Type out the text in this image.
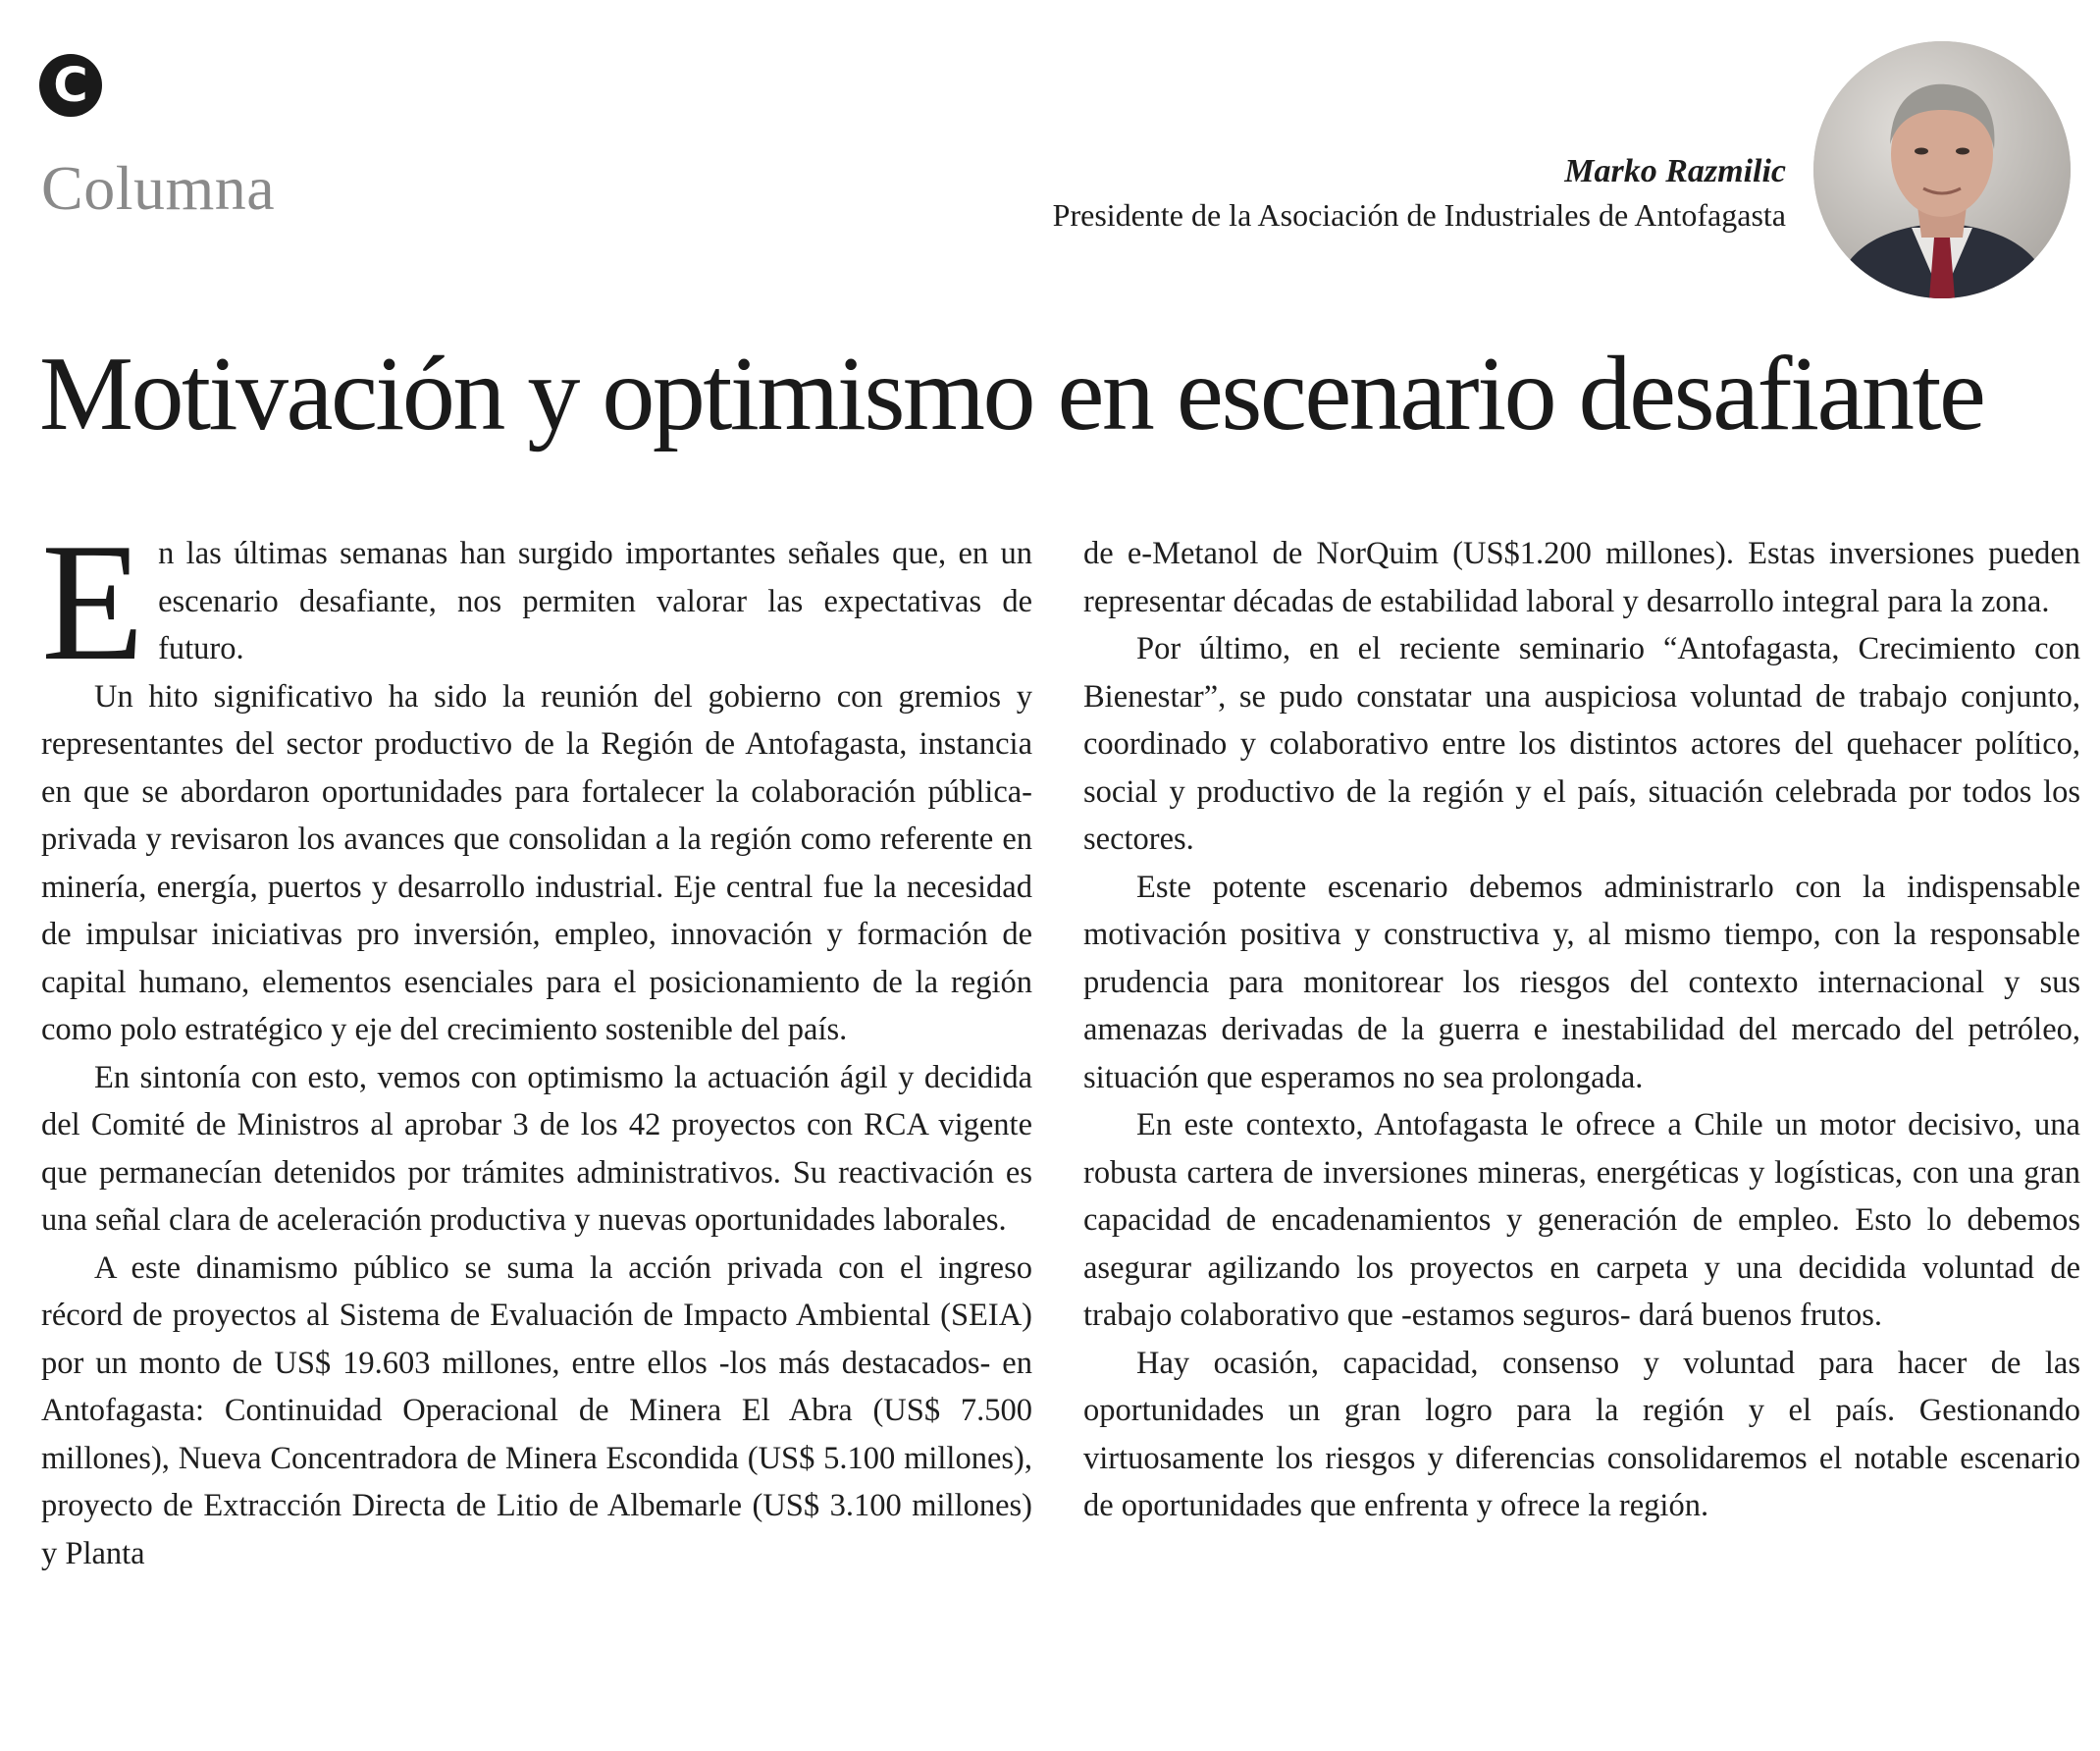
C
Columna	Marko Razmilic
Presidente de la Asociación de Industriales de Antofagasta
Motivación y optimismo en escenario desafiante

En las últimas semanas han surgido importantes señales que, en un escenario desafiante, nos permiten valorar las expectativas de futuro.

Un hito significativo ha sido la reunión del gobierno con gremios y representantes del sector productivo de la Región de Antofagasta, instancia en que se abordaron oportunidades para fortalecer la colaboración pública-privada y revisaron los avances que consolidan a la región como referente en minería, energía, puertos y desarrollo industrial. Eje central fue la necesidad de impulsar iniciativas pro inversión, empleo, innovación y formación de capital humano, elementos esenciales para el posicionamiento de la región como polo estratégico y eje del crecimiento sostenible del país.

En sintonía con esto, vemos con optimismo la actuación ágil y decidida del Comité de Ministros al aprobar 3 de los 42 proyectos con RCA vigente que permanecían detenidos por trámites administrativos. Su reactivación es una señal clara de aceleración productiva y nuevas oportunidades laborales.

A este dinamismo público se suma la acción privada con el ingreso récord de proyectos al Sistema de Evaluación de Impacto Ambiental (SEIA) por un monto de US$ 19.603 millones, entre ellos -los más destacados- en Antofagasta: Continuidad Operacional de Minera El Abra (US$ 7.500 millones), Nueva Concentradora de Minera Escondida (US$ 5.100 millones), proyecto de Extracción Directa de Litio de Albemarle (US$ 3.100 millones) y Planta

de e-Metanol de NorQuim (US$1.200 millones). Estas inversiones pueden representar décadas de estabilidad laboral y desarrollo integral para la zona.

Por último, en el reciente seminario “Antofagasta, Crecimiento con Bienestar”, se pudo constatar una auspiciosa voluntad de trabajo conjunto, coordinado y colaborativo entre los distintos actores del quehacer político, social y productivo de la región y el país, situación celebrada por todos los sectores.

Este potente escenario debemos administrarlo con la indispensable motivación positiva y constructiva y, al mismo tiempo, con la responsable prudencia para monitorear los riesgos del contexto internacional y sus amenazas derivadas de la guerra e inestabilidad del mercado del petróleo, situación que esperamos no sea prolongada.

En este contexto, Antofagasta le ofrece a Chile un motor decisivo, una robusta cartera de inversiones mineras, energéticas y logísticas, con una gran capacidad de encadenamientos y generación de empleo. Esto lo debemos asegurar agilizando los proyectos en carpeta y una decidida voluntad de trabajo colaborativo que -estamos seguros- dará buenos frutos.

Hay ocasión, capacidad, consenso y voluntad para hacer de las oportunidades un gran logro para la región y el país. Gestionando virtuosamente los riesgos y diferencias consolidaremos el notable escenario de oportunidades que enfrenta y ofrece la región.
